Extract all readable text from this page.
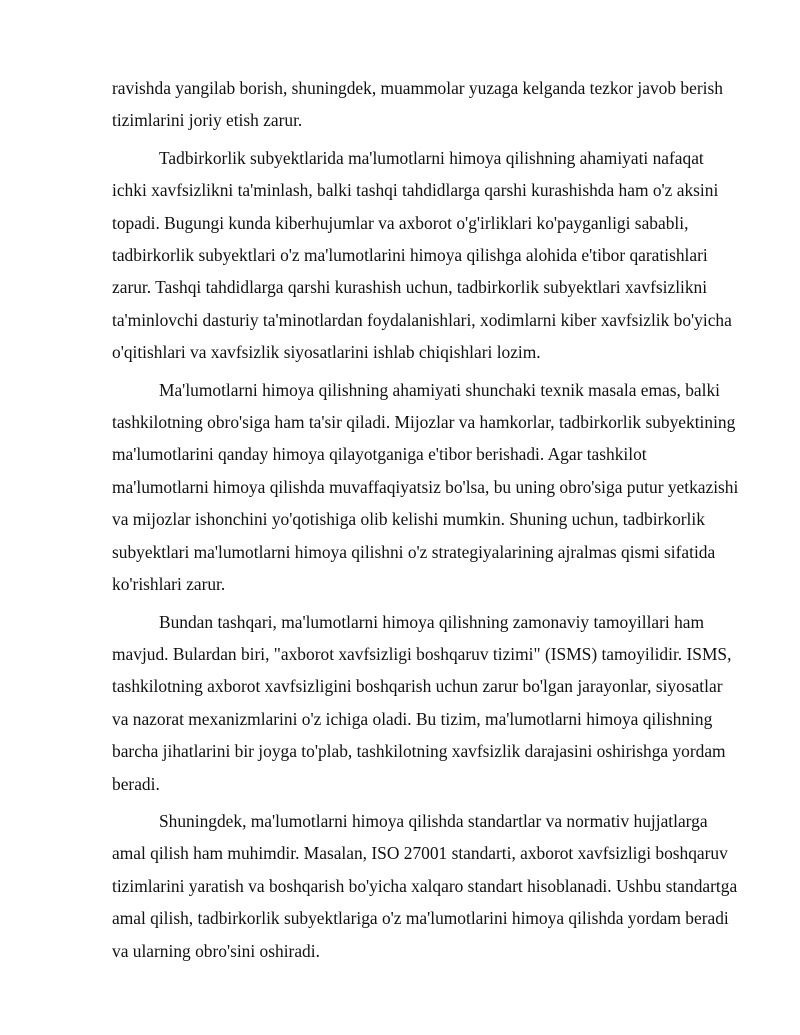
ravishda yangilab borish, shuningdek, muammolar yuzaga kelganda tezkor javob berish tizimlarini joriy etish zarur.

Tadbirkorlik subyektlarida ma'lumotlarni himoya qilishning ahamiyati nafaqat ichki xavfsizlikni ta'minlash, balki tashqi tahdidlarga qarshi kurashishda ham o'z aksini topadi. Bugungi kunda kiberhujumlar va axborot o'g'irliklari ko'payganligi sababli, tadbirkorlik subyektlari o'z ma'lumotlarini himoya qilishga alohida e'tibor qaratishlari zarur. Tashqi tahdidlarga qarshi kurashish uchun, tadbirkorlik subyektlari xavfsizlikni ta'minlovchi dasturiy ta'minotlardan foydalanishlari, xodimlarni kiber xavfsizlik bo'yicha o'qitishlari va xavfsizlik siyosatlarini ishlab chiqishlari lozim.

Ma'lumotlarni himoya qilishning ahamiyati shunchaki texnik masala emas, balki tashkilotning obro'siga ham ta'sir qiladi. Mijozlar va hamkorlar, tadbirkorlik subyektining ma'lumotlarini qanday himoya qilayotganiga e'tibor berishadi. Agar tashkilot ma'lumotlarni himoya qilishda muvaffaqiyatsiz bo'lsa, bu uning obro'siga putur yetkazishi va mijozlar ishonchini yo'qotishiga olib kelishi mumkin. Shuning uchun, tadbirkorlik subyektlari ma'lumotlarni himoya qilishni o'z strategiyalarining ajralmas qismi sifatida ko'rishlari zarur.

Bundan tashqari, ma'lumotlarni himoya qilishning zamonaviy tamoyillari ham mavjud. Bulardan biri, "axborot xavfsizligi boshqaruv tizimi" (ISMS) tamoyilidir. ISMS, tashkilotning axborot xavfsizligini boshqarish uchun zarur bo'lgan jarayonlar, siyosatlar va nazorat mexanizmlarini o'z ichiga oladi. Bu tizim, ma'lumotlarni himoya qilishning barcha jihatlarini bir joyga to'plab, tashkilotning xavfsizlik darajasini oshirishga yordam beradi.

Shuningdek, ma'lumotlarni himoya qilishda standartlar va normativ hujjatlarga amal qilish ham muhimdir. Masalan, ISO 27001 standarti, axborot xavfsizligi boshqaruv tizimlarini yaratish va boshqarish bo'yicha xalqaro standart hisoblanadi. Ushbu standartga amal qilish, tadbirkorlik subyektlariga o'z ma'lumotlarini himoya qilishda yordam beradi va ularning obro'sini oshiradi.
